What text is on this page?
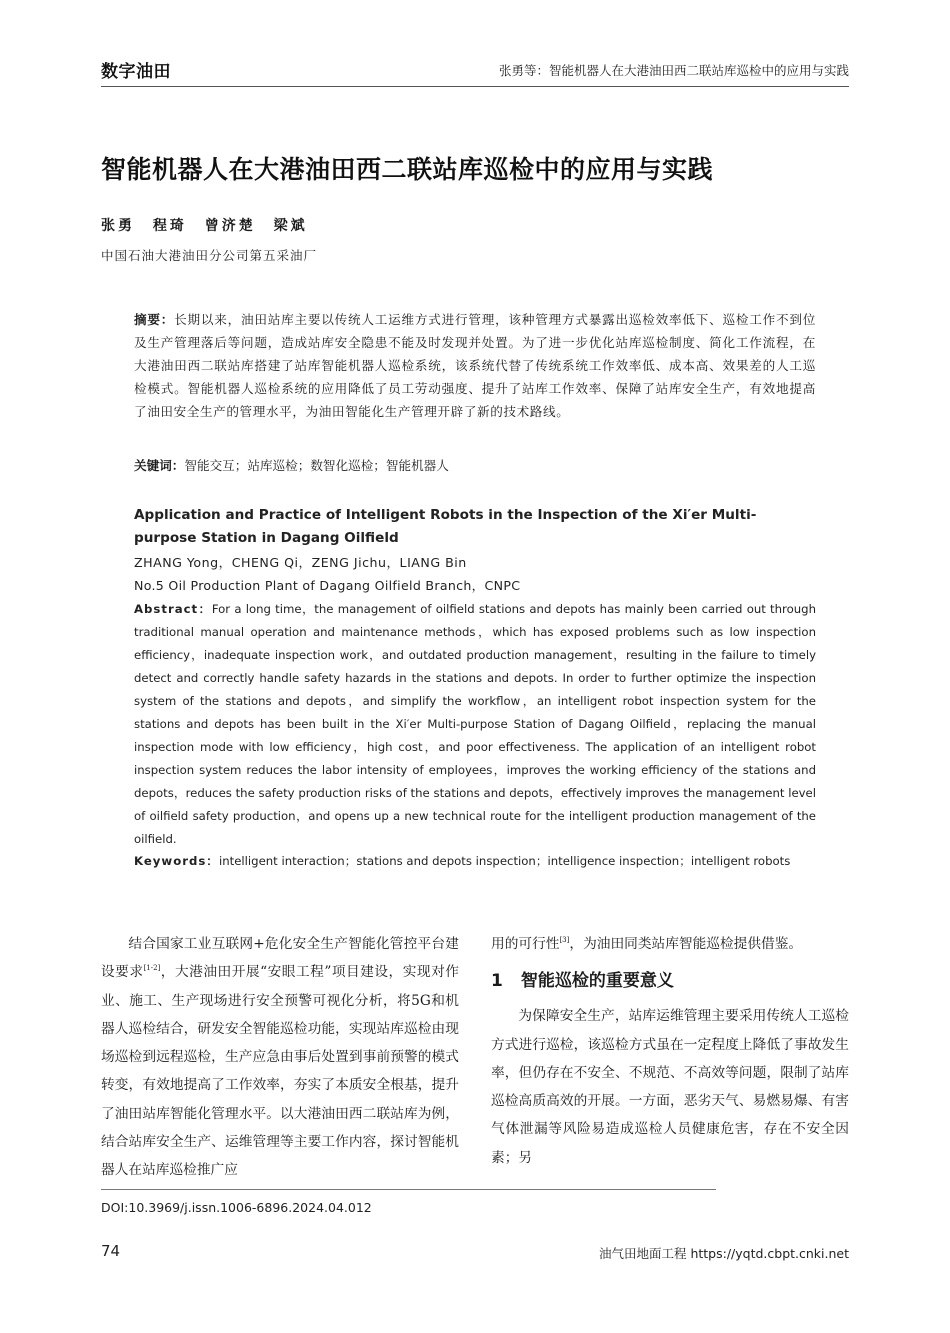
数字油田	张勇等：智能机器人在大港油田西二联站库巡检中的应用与实践
智能机器人在大港油田西二联站库巡检中的应用与实践
张勇 程琦 曾济楚 梁斌
中国石油大港油田分公司第五采油厂
摘要：长期以来，油田站库主要以传统人工运维方式进行管理，该种管理方式暴露出巡检效率低下、巡检工作不到位及生产管理落后等问题，造成站库安全隐患不能及时发现并处置。为了进一步优化站库巡检制度、简化工作流程，在大港油田西二联站库搭建了站库智能机器人巡检系统，该系统代替了传统系统工作效率低、成本高、效果差的人工巡检模式。智能机器人巡检系统的应用降低了员工劳动强度、提升了站库工作效率、保障了站库安全生产，有效地提高了油田安全生产的管理水平，为油田智能化生产管理开辟了新的技术路线。
关键词：智能交互；站库巡检；数智化巡检；智能机器人
Application and Practice of Intelligent Robots in the Inspection of the Xi′er Multi-purpose Station in Dagang Oilfield
ZHANG Yong，CHENG Qi，ZENG Jichu，LIANG Bin
No.5 Oil Production Plant of Dagang Oilfield Branch，CNPC
Abstract：For a long time，the management of oilfield stations and depots has mainly been carried out through traditional manual operation and maintenance methods，which has exposed problems such as low inspection efficiency，inadequate inspection work，and outdated production management，resulting in the failure to timely detect and correctly handle safety hazards in the stations and depots. In order to further optimize the inspection system of the stations and depots，and simplify the workflow，an intelligent robot inspection system for the stations and depots has been built in the Xi′er Multi-purpose Station of Dagang Oilfield，replacing the manual inspection mode with low efficiency，high cost，and poor effectiveness. The application of an intelligent robot inspection system reduces the labor intensity of employees，improves the working efficiency of the stations and depots，reduces the safety production risks of the stations and depots，effectively improves the management level of oilfield safety production，and opens up a new technical route for the intelligent production management of the oilfield.
Keywords：intelligent interaction；stations and depots inspection；intelligence inspection；intelligent robots

结合国家工业互联网+危化安全生产智能化管控平台建设要求[1-2]，大港油田开展“安眼工程”项目建设，实现对作业、施工、生产现场进行安全预警可视化分析，将5G和机器人巡检结合，研发安全智能巡检功能，实现站库巡检由现场巡检到远程巡检，生产应急由事后处置到事前预警的模式转变，有效地提高了工作效率，夯实了本质安全根基，提升了油田站库智能化管理水平。以大港油田西二联站库为例，结合站库安全生产、运维管理等主要工作内容，探讨智能机器人在站库巡检推广应

用的可行性[3]，为油田同类站库智能巡检提供借鉴。

1 智能巡检的重要意义

为保障安全生产，站库运维管理主要采用传统人工巡检方式进行巡检，该巡检方式虽在一定程度上降低了事故发生率，但仍存在不安全、不规范、不高效等问题，限制了站库巡检高质高效的开展。一方面，恶劣天气、易燃易爆、有害气体泄漏等风险易造成巡检人员健康危害，存在不安全因素；另

DOI:10.3969/j.issn.1006-6896.2024.04.012
74	油气田地面工程 https://yqtd.cbpt.cnki.net
